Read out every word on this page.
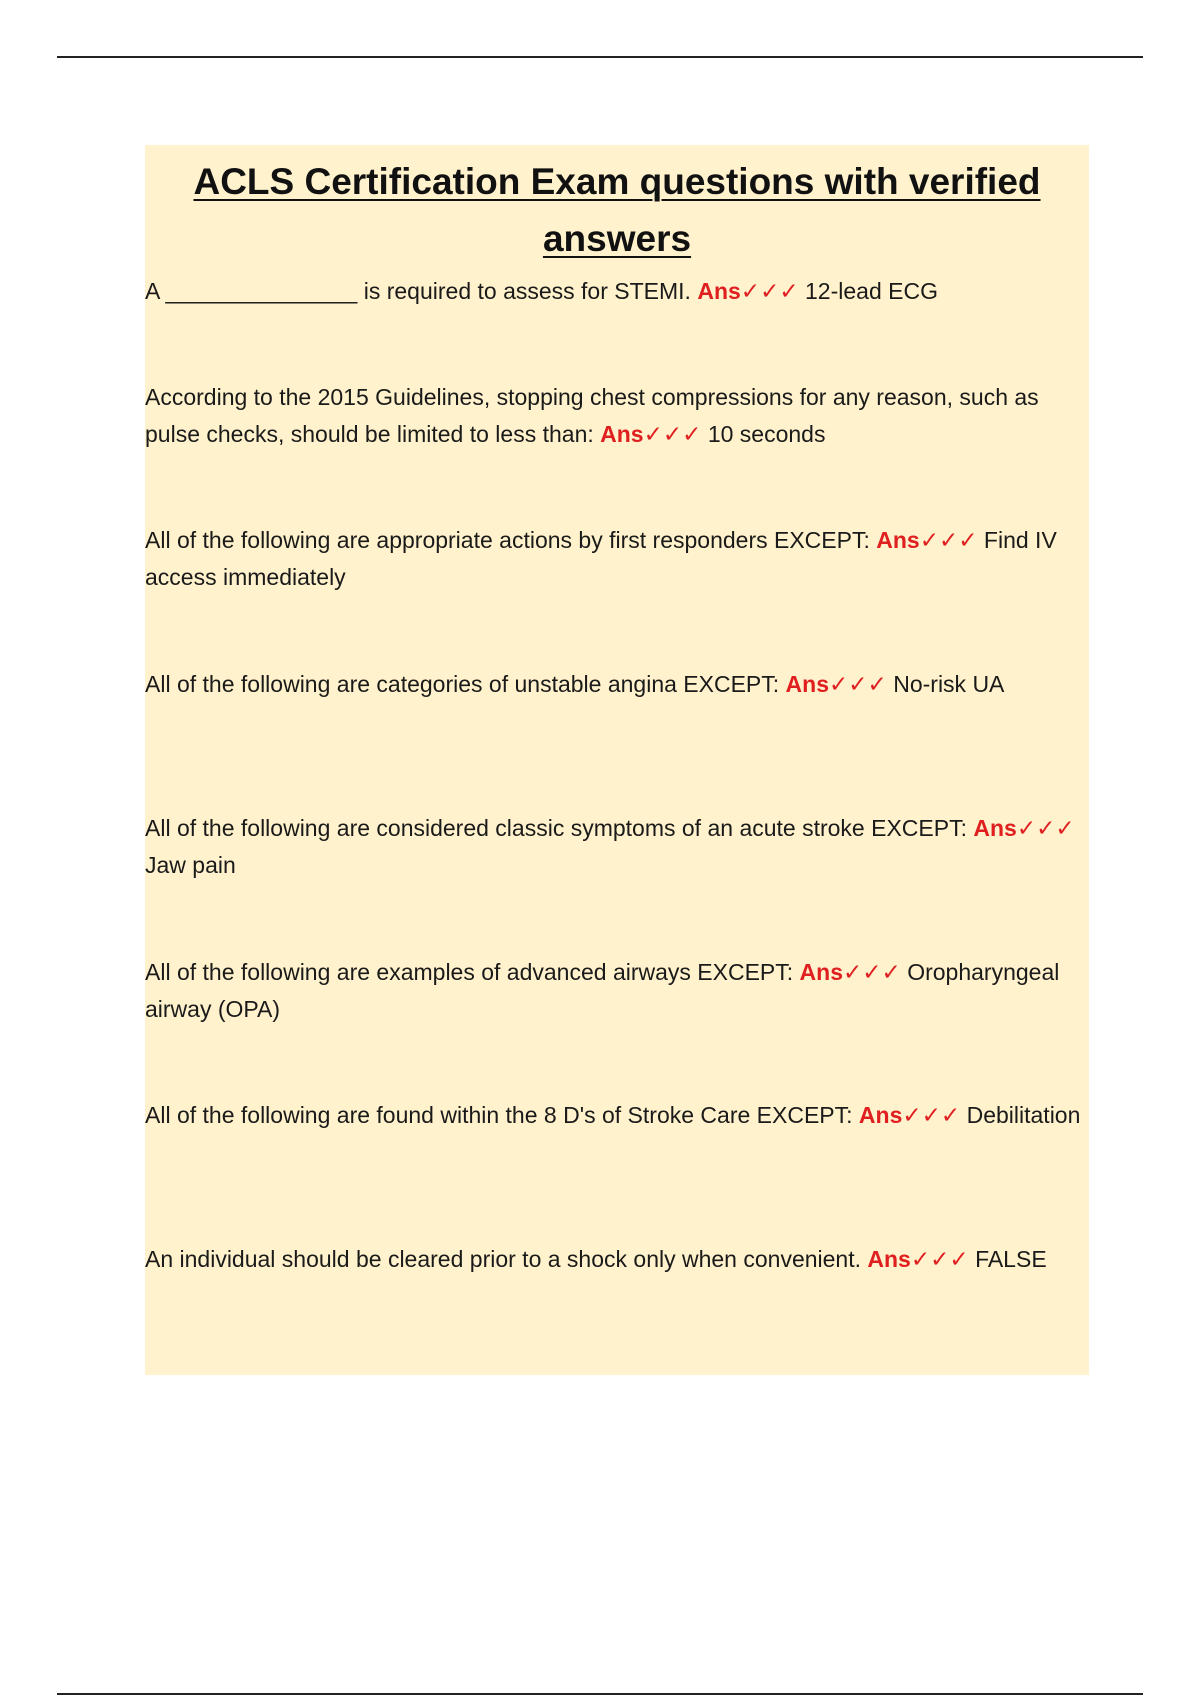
ACLS Certification Exam questions with verified answers
A _______________ is required to assess for STEMI. Ans✓✓✓ 12-lead ECG
According to the 2015 Guidelines, stopping chest compressions for any reason, such as pulse checks, should be limited to less than: Ans✓✓✓ 10 seconds
All of the following are appropriate actions by first responders EXCEPT: Ans✓✓✓ Find IV access immediately
All of the following are categories of unstable angina EXCEPT: Ans✓✓✓ No-risk UA
All of the following are considered classic symptoms of an acute stroke EXCEPT: Ans✓✓✓ Jaw pain
All of the following are examples of advanced airways EXCEPT: Ans✓✓✓ Oropharyngeal airway (OPA)
All of the following are found within the 8 D's of Stroke Care EXCEPT: Ans✓✓✓ Debilitation
An individual should be cleared prior to a shock only when convenient. Ans✓✓✓ FALSE
